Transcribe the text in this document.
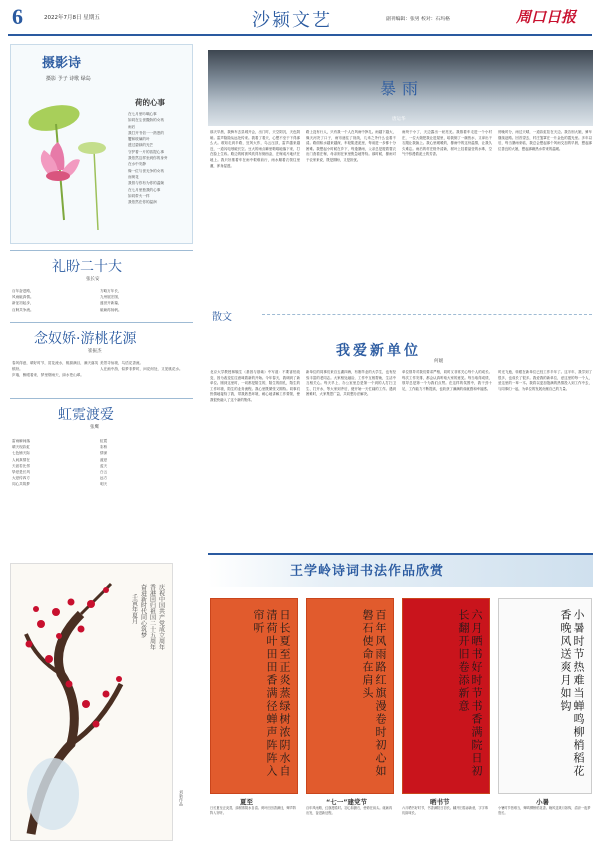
6	2022年7月8日 星期五	沙颍文艺	副刊编辑：张男 校对：石玛格	周口日报
摄影诗
摄影 予子 诗歌 绿岛
荷的心事
在七月里吟哦心事
如同在尘世撒娇的女孩
雨后
我打开书信一一熟悉的
蟹和玻璃的叶
透过碧绿的光芒
守护着一片的菩提心事
我依然这样坐到你的身旁
在水中安静
像一位与世无争的女孩
而荷花
我曾与你有为你的温婉
在七月里独我的心事
如同带火一样
我依然在你的温润
礼盼二十大
张长安
百年奋进路，
风雨砥真情。
新征初起步，
百舸共争流。
方略万年长，
九州展宏图，
盛世开新篇，
砥砺再扬帆。
念奴娇·游桃花源
崔振杰
春风得意，晴好时节，赏花流水，桃源满目，满天落英缤纷。
庐墙，醉眼看来，梦里烟雨天，绿水苍山翠。
美景寻仙境，鸟语花香流。
人在画中游，似梦非梦时，问花何处，又见桃花水。
虹霓渡爱
张鹰
雷雨瞬间落
晴天现彩虹
七色铺天际
人间真情在
天涯若比邻
挚爱是长风
大爱传四方
同心共筑梦
虹霓
彩桥
情深
渡爱
蓝天
白云
远方
明天
庆祝中国共产党成立周年
香港回归祖国二十五周年
奋进新时代同心筑梦
壬寅年夏月
刘新作品
暴雨
唐运华
那天早晨，我骑车去县城开会，出门时，天空阴沉，天色阴暗。雷声隐隐从远处传来。我看了看天，心想不至于下得那么大。谁知走到半路，狂风大作，乌云压顶，雷声越来越近，一道闪电划破长空。豆大的雨点噼里啪啦地落下来，打在脸上生疼。路边的树被风吹得东倒西歪，庄稼成片地伏在地上。我只好推着车在雨中艰难前行，雨水顺着衣领往里灌，浑身湿透。
路上没有行人，只有我一个人在风雨中挣扎。雨越下越大，像天河决了口子，雨帘遮住了视线，几米之外什么也看不清。路面积水越来越深，车轮陷进泥里，每前进一步都十分困难。我想起小时候在乡下，每逢暴雨，父亲总是披着蓑衣出门查看庄稼，母亲则在家里焦急地等待。那时候，暴雨对于农家来说，既是期盼，又是担忧。
雨终于小了，天边露出一丝亮光。我推着车走进一个小村庄，一位大娘把我让进屋里，给我倒了一碗热水，又拿出干衣服让我换上。我心里暖暖的，暴雨中的这份温情，让我久久难忘。雨后的村庄格外清新，树叶上挂着晶莹的水珠，空气中弥漫着泥土的芳香。
傍晚时分，雨过天晴，一道彩虹挂在天边。我告别大娘，骑车继续赶路。回首望去，村庄笼罩在一片金色的霞光里。多年以后，每当暴雨来临，我总会想起那个风雨交加的早晨，想起那位善良的大娘，想起那碗热水带来的温暖。
散文
我爱新单位
何媛
北京大学教授林毓生《基因与基础》中写道：不要害怕改变，因为改变往往意味着新的开始。今年春天，我调到了新单位。刚到这里时，一切都是陌生的，陌生的面孔，陌生的工作环境，陌生的业务流程。我心里既紧张又期待。同事们热情地接待了我，带我熟悉环境，耐心地讲解工作要领，使我很快融入了这个新的集体。
新单位的同事们来自五湖四海，有刚毕业的大学生，也有经验丰富的老同志。大家相处融洽，工作中互相帮助，生活中互相关心。每天早上，办公室里总是第一个到的人打扫卫生、打开水，等大家到齐后，便开始一天忙碌的工作。遇到困难时，大家集思广益，共同想办法解决。
单位领导对我们要求严格，同时又非常关心每个人的成长。每次工作安排，都会认真听取大家的意见。每当取得成绩，领导总是第一个为我们点赞。在这样的氛围中，我干劲十足，工作能力不断提高，也收获了满满的成就感和幸福感。
时光飞逝，转眼在新单位已经工作半年了。这半年，我学到了很多，也成长了很多。我爱我的新单位，爱这里的每一个人，爱这里的一草一木。我将以更加饱满的热情投入到工作中去，与同事们一起，为单位的发展贡献自己的力量。
王学岭诗词书法作品欣赏
日长夏至正炎蒸绿树浓阴水自清荷叶田田香满径蝉声阵阵入帘听	百年风雨路红旗漫卷时初心如磐石使命在肩头	六月晒书好时节书香满院日初长翻开旧卷添新意	小暑时节热难当蝉鸣柳梢稻花香晚风送爽月如钩
夏至	“七一”建党节	晒书节	小暑
日长夏至正炎蒸，绿树浓阴水自清。荷叶田田香满径，蝉声阵阵入帘听。
百年风雨路，红旗漫卷时。初心如磐石，使命在肩头。砥砺再出发，奋进新征程。
六月晒书好时节，书香满院日初长。翻开旧卷添新意，字字珠玑韵味长。
小暑时节热难当，蝉鸣柳梢稻花香。晚风送爽月如钩，清凉一夜梦悠长。
